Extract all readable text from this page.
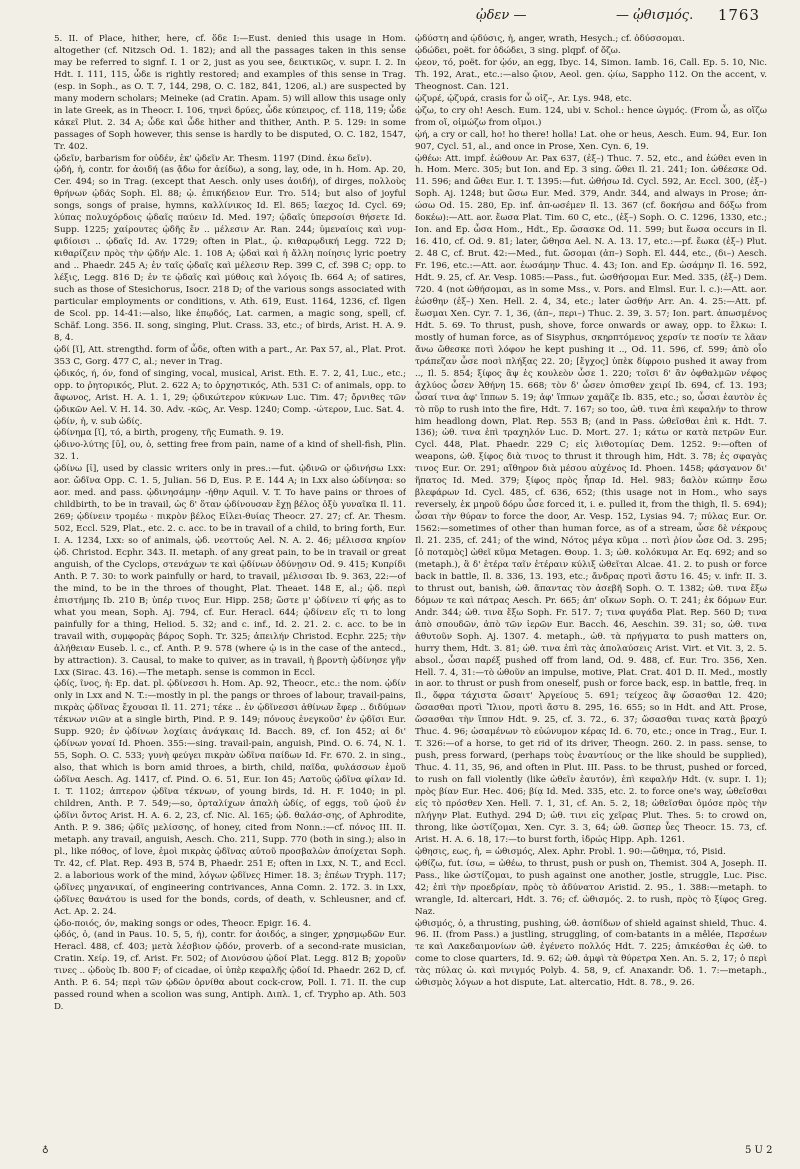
ᾠδεν —	— ᾠθισμός. 1763

5. II. of Place, hither, here, cf. ὅδε I:—Eust. denied this usage in Hom. altogether (cf. Nitzsch Od. 1. 182); and all the passages taken in this sense may be referred to signf. I. 1 or 2, just as you see, δεικτικῶς, v. supr. I. 2. In Hdt. I. 111, 115, ὧδε is rightly restored; and examples of this sense in Trag. (esp. in Soph., as O. T. 7, 144, 298, O. C. 182, 841, 1206, al.) are suspected by many modern scholars; Meineke (ad Cratin. Apam. 5) will allow this usage only in late Greek, as in Theocr. I. 106, τηνεὶ δρύες, ὧδε κύπειρος, cf. 118, 119; ὧδε κἀκεῖ Plut. 2. 34 A; ὧδε καὶ ὧδε hither and thither, Anth. P. 5. 129: in some passages of Soph however, this sense is hardly to be disputed, O. C. 182, 1547, Tr. 402.

ᾠδεῖν, barbarism for οὐδέν, ἐκ' ᾠδεῖν Ar. Thesm. 1197 (Dind. ἐκω δεῖν).

ᾠδή, ἡ, contr. for ἀοιδή (as ᾄδω for ἀείδω), a song, lay, ode, in h. Hom. Ap. 20, Cer. 494; so in Trag. (except that Aesch. only uses ἀοιδή), of dirges, πολλοὺς θρήνων ᾠδάς Soph. El. 88; ᾠ. ἐπικήδειον Eur. Tro. 514; but also of joyful songs, songs of praise, hymns, καλλίνικος Id. El. 865; ἴαεχος Id. Cycl. 69; λύπας πολυχόρδοις ᾠδαῖς παύειν Id. Med. 197; ᾠδαῖς ὑπερσοίσι θήσετε Id. Supp. 1225; χαίρουτες ᾠδῆς ἔν .. μέλεσιν Ar. Ran. 244; ὑμεναίοις καὶ νυμ-φιδίοισι .. ᾠδαῖς Id. Av. 1729; often in Plat., ᾠ. κιθαρῳδική Legg. 722 D; κιθαρίζειν πρὸς τὴν ᾠδήν Alc. 1. 108 A; ᾠδαὶ καὶ ἡ ἄλλη ποίησις lyric poetry and .. Phaedr. 245 A; ἐν ταῖς ᾠδαῖς καὶ μέλεσιν Rep. 399 C, cf. 398 C; opp. to λέξις, Legg. 816 D; ἐν τε ᾠδαῖς καὶ μύθοις καὶ λόγοις Ib. 664 A; of satires, such as those of Stesichorus, Isocr. 218 D; of the various songs associated with particular employments or conditions, v. Ath. 619, Eust. 1164, 1236, cf. Ilgen de Scol. pp. 14-41:—also, like ἐπῳδός, Lat. carmen, a magic song, spell, cf. Schäf. Long. 356. II. song, singing, Plut. Crass. 33, etc.; of birds, Arist. H. A. 9. 8, 4.

ᾠδί [ῐ], Att. strengthd. form of ὧδε, often with a part., Ar. Pax 57, al., Plat. Prot. 353 C, Gorg. 477 C, al.; never in Trag.

ᾠδικός, ή, όν, fond of singing, vocal, musical, Arist. Eth. E. 7. 2, 41, Luc., etc.; opp. to ῥητορικός, Plut. 2. 622 A; to ὀρχηστικός, Ath. 531 C: of animals, opp. to ἄφωνος, Arist. H. A. 1. 1, 29; ᾠδικώτερον κύκνων Luc. Tim. 47; ὄρνιθες τῶν ᾠδικῶν Ael. V. H. 14. 30. Adv. -κῶς, Ar. Vesp. 1240; Comp. -ώτερον, Luc. Sat. 4.

ᾠδίν, ἡ, v. sub ὠδίς.

ᾠδίνημα [ῐ], τό, a birth, progeny, τῆς Eumath. 9. 19.

ᾠδινο-λύτης [ῡ], ου, ὁ, setting free from pain, name of a kind of shell-fish, Plin. 32. 1.

ᾠδίνω [ῑ], used by classic writers only in pres.:—fut. ᾠδινῶ or ᾠδινήσω Lxx: aor. ὤδῖνα Opp. C. 1. 5, Julian. 56 D, Eus. P. E. 144 A; in Lxx also ὠδίνησα: so aor. med. and pass. ᾠδινησάμην -ήθην Aquil. V. T. To have pains or throes of childbirth, to be in travail, ὡς δ' ὅταν ᾠδίνουσαν ἔχῃ βέλος ὀξὺ γυναῖκα Il. 11. 269; ᾠδίνειν τρομέω · πικρὸν βέλος Εἰλει-θυίας Theocr. 27. 27; cf. Ar. Thesm. 502, Eccl. 529, Plat., etc. 2. c. acc. to be in travail of a child, to bring forth, Eur. I. A. 1234, Lxx: so of animals, ᾠδ. νεοττούς Ael. N. A. 2. 46; μέλισσα κηρίον ᾠδ. Christod. Ecphr. 343. II. metaph. of any great pain, to be in travail or great anguish, of the Cyclops, στενάχων τε καὶ ᾠδίνων ὀδύνῃσιν Od. 9. 415; Κυπρίδι Anth. P. 7. 30: to work painfully or hard, to travail, μέλισσαι Ib. 9. 363, 22:—of the mind, to be in the throes of thought, Plat. Theaet. 148 E, al.; ᾠδ. περὶ ἐπιστήμης Ib. 210 B; ὑπέρ τινος Eur. Hipp. 258; ὥστε μ' ᾠδίνειν τί φής as to what you mean, Soph. Aj. 794, cf. Eur. Heracl. 644; ᾠδίνειν εἴς τι to long painfully for a thing, Heliod. 5. 32; and c. inf., Id. 2. 21. 2. c. acc. to be in travail with, συμφορὰς βάρος Soph. Tr. 325; ἀπειλήν Christod. Ecphr. 225; τὴν ἀλήθειαν Euseb. l. c., cf. Anth. P. 9. 578 (where ᾠ is in the case of the antecd., by attraction). 3. Causal, to make to quiver, as in travail, ἡ βροντὴ ᾠδίνησε γῆν Lxx (Sirac. 43. 16).—The metaph. sense is common in Eccl.

ᾠδίς, ῖνος, ἡ: Ep. dat. pl. ᾠδίνεσσι h. Hom. Ap. 92, Theocr., etc.: the nom. ᾠδίν only in Lxx and N. T.:—mostly in pl. the pangs or throes of labour, travail-pains, πικρὰς ᾠδῖνας ἔχουσαι Il. 11. 271; τέκε .. ἐν ᾠδῖνεσσι ἀθίνων ἔφερ .. διδύμων τέκνων νιῶν at a single birth, Pind. P. 9. 149; πόνους ἐνεγκοῦσ' ἐν ᾠδῖσι Eur. Supp. 920; ἐν ᾠδίνων λοχίαις ἀνάγκαις Id. Bacch. 89, cf. Ion 452; αἱ δι' ᾠδίνων γοναί Id. Phoen. 355:—sing. travail-pain, anguish, Pind. O. 6. 74, N. 1. 55, Soph. O. C. 533; γυνὴ φεύγει πικρὰν ὠδῖνα παίδων Id. Fr. 670. 2. in sing., also, that which is born amid throes, a birth, child, παῖδα, φυλάσσων ἐμοῦ ὠδῖνα Aesch. Ag. 1417, cf. Pind. O. 6. 51, Eur. Ion 45; Λατοῦς ᾠδῖνα φίλαν Id. I. T. 1102; ἀπτερον ᾠδῖνα τέκνων, of young birds, Id. H. F. 1040; in pl. children, Anth. P. 7. 549;—so, ὀρταλίχων ἀπαλὴ ὠδίς, of eggs, τοῦ ᾠοῦ ἐν ᾠδῖνι ὄντος Arist. H. A. 6. 2, 23, cf. Nic. Al. 165; ᾠδ. θαλάσ-σης, of Aphrodite, Anth. P. 9. 386; ᾠδῖς μελίσσης, of honey, cited from Nonn.:—cf. πόνος III. II. metaph. any travail, anguish, Aesch. Cho. 211, Supp. 770 (both in sing.); also in pl., like πόθος, of love, ἐμοὶ πικρὰς ᾠδῖνας αὐτοῦ προσβαλὼν ἀποίχεται Soph. Tr. 42, cf. Plat. Rep. 493 B, 574 B, Phaedr. 251 E; often in Lxx, N. T., and Eccl. 2. a laborious work of the mind, λόγων ᾠδῖνες Himer. 18. 3; ἐπέων Tryph. 117; ᾠδῖνες μηχανικαί, of engineering contrivances, Anna Comn. 2. 172. 3. in Lxx, ᾠδῖνες θανάτου is used for the bonds, cords, of death, v. Schleusner, and cf. Act. Ap. 2. 24.

ᾠδο-ποιός, όν, making songs or odes, Theocr. Epigr. 16. 4.

ᾠδός, ὁ, (and in Paus. 10. 5, 5, ή), contr. for ἀοιδός, a singer, χρησμῳδῶν Eur. Heracl. 488, cf. 403; μετὰ λέσβιον ᾠδόν, proverb. of a second-rate musician, Cratin. Χείρ. 19, cf. Arist. Fr. 502; of Διονύσου ᾠδοί Plat. Legg. 812 B; χοροῦν τινες .. ᾠδοὺς Ib. 800 F; of cicadae, οἱ ὑπὲρ κεφαλῆς ᾠδοί Id. Phaedr. 262 D, cf. Anth. P. 6. 54; περὶ τῶν ᾠδῶν ὀρνίθα about cock-crow, Poll. I. 71. II. the cup passed round when a scolion was sung, Antiph. Διπλ. 1, cf. Trypho ap. Ath. 503 D.

ᾠδύστη and ᾠδύσις, ἡ, anger, wrath, Hesych.; cf. ὀδύσσομαι.

ᾠδώδει, poët. for ὀδώδει, 3 sing. plqpf. of ὄζω.

ᾠεον, τό, poët. for ᾠόν, an egg, Ibyc. 14, Simon. Iamb. 16, Call. Ep. 5. 10, Nic. Th. 192, Arat., etc.:—also ᾤιον, Aeol. gen. ᾠίω, Sappho 112. On the accent, v. Theognost. Can. 121.

ᾠζυρέ, ᾠζυρά, crasis for ὦ οἰζ–, Ar. Lys. 948, etc.

ᾠζω, to cry oh! Aesch. Eum. 124, ubi v. Schol.: hence ὠγμός. (From ὦ, as οἴζω from οἴ, οἰμώζω from οἴμοι.)

ᾠή, a cry or call, ho! ho there! holla! Lat. ohe or heus, Aesch. Eum. 94, Eur. Ion 907, Cycl. 51, al., and once in Prose, Xen. Cyn. 6, 19.

ᾠθέω: Att. impf. ἐώθουν Ar. Pax 637, (ἐξ–) Thuc. 7. 52, etc., and ἐώθει even in h. Hom. Merc. 305; but Ion. and Ep. 3 sing. ὤθει Il. 21. 241; Ion. ὠθέεσκε Od. 11. 596; and ὤθει Eur. I. T. 1395:—fut. ὠθήσω Id. Cycl. 592, Ar. Eccl. 300, (ἐξ–) Soph. Aj. 1248; but ὤσω Eur. Med. 379, Andr. 344, and always in Prose; ἀπ-ώσω Od. 15. 280, Ep. inf. ἀπ-ωσέμεν Il. 13. 367 (cf. δοκήσω and δόξω from δοκέω):—Att. aor. ἔωσα Plat. Tim. 60 C, etc., (ἐξ–) Soph. O. C. 1296, 1330, etc.; Ion. and Ep. ὦσα Hom., Hdt., Ep. ὤσασκε Od. 11. 599; but ἔωσα occurs in Il. 16. 410, cf. Od. 9. 81; later, ὤθησα Ael. N. A. 13. 17, etc.:—pf. ἔωκα (ἐξ–) Plut. 2. 48 C, cf. Brut. 42:—Med., fut. ὤσομαι (ἀπ–) Soph. El. 444, etc., (δι–) Aesch. Fr. 196, etc.:—Att. aor. ἐωσάμην Thuc. 4. 43; Ion. and Ep. ὠσάμην Il. 16. 592, Hdt. 9. 25, cf. Ar. Vesp. 1085:—Pass., fut. ὠσθήσομαι Eur. Med. 335, (ἐξ–) Dem. 720. 4 (not ὠθήσομαι, as in some Mss., v. Pors. and Elmsl. Eur. l. c.):—Att. aor. ἐώσθην (ἐξ–) Xen. Hell. 2. 4, 34, etc.; later ὠσθήν Arr. An. 4. 25:—Att. pf. ἔωσμαι Xen. Cyr. 7. 1, 36, (ἀπ–, περι–) Thuc. 2. 39, 3. 57; Ion. part. ἀπωσμένος Hdt. 5. 69. To thrust, push, shove, force onwards or away, opp. to ἕλκω: I. mostly of human force, as of Sisyphus, σκηρπτόμενος χερσίν τε ποσίν τε λᾶαν ἄνω ὤθεσκε ποτὶ λόφον he kept pushing it .., Od. 11. 596, cf. 599; ἀπὸ οἷο τράπεζαν ὦσε ποσὶ πλήξας 22. 20; [ἔγχος] ὑπὲκ δίφροιο pushed it away from .., Il. 5. 854; ξίφος ἂψ ἐς κουλεὸν ὦσε 1. 220; τοῖσι δ' ἂν ὀφθαλμῶν νέφος ἀχλύος ὦσεν Ἀθήνη 15. 668; τὸν δ' ὦσεν ὀπισθεν χειρί Ib. 694, cf. 13. 193; ὦσαί τινα ἀφ' ἵππων 5. 19; ἀφ' ἵππων χαμᾶζε Ib. 835, etc.; so, ὦσαι ἑαυτὸν ἐς τὸ πῦρ to rush into the fire, Hdt. 7. 167; so too, ὠθ. τινα ἐπὶ κεφαλήν to throw him headlong down, Plat. Rep. 553 B; (and in Pass. ὠθεῖσθαι ἐπὶ κ. Hdt. 7. 136); ὠθ. τινα ἐπὶ τραχηλόν Luc. D. Mort. 27. 1; κάτω or κατὰ πετρῶν Eur. Cycl. 448, Plat. Phaedr. 229 C; εἰς λιθοτομίας Dem. 1252. 9:—often of weapons, ὠθ. ξίφος διὰ τινος to thrust it through him, Hdt. 3. 78; ἐς σφαγὰς τινος Eur. Or. 291; αἴθηρον διὰ μέσου αὐχένος Id. Phoen. 1458; φάσγανον δι' ἥπατος Id. Med. 379; ξίφος πρὸς ἧπαρ Id. Hel. 983; δαλὸν κώπην ἔσω βλεφάρων Id. Cycl. 485, cf. 636, 652; (this usage not in Hom., who says reversely, ἐκ μηροῦ δόρυ ὦσε forced it, i. e. pulled it, from the thigh, Il. 5. 694); ὦσαι τὴν θύραν to force the door, Ar. Vesp. 152, Lysias 94. 7; πύλας Eur. Or. 1562:—sometimes of other than human force, as of a stream, ὦσε δὲ νέκρους Il. 21. 235, cf. 241; of the wind, Νότος μέγα κῦμα .. ποτὶ ῥίον ὦσε Od. 3. 295; [ὁ ποταμὸς] ὠθεῖ κῦμα Metagen. Θουρ. 1. 3; ὠθ. κολόκυμα Ar. Eq. 692; and so (metaph.), ἃ δ' ἑτέρα ταῖν ἑτέραιν κύλιξ ὠθεῖται Alcae. 41. 2. to push or force back in battle, Il. 8. 336, 13. 193, etc.; ἄνδρας προτὶ ἄστυ 16. 45; v. infr. II. 3. to thrust out, banish, ὠθ. ἅπαντας τὸν ἀσεβῆ Soph. O. T. 1382; ὠθ. τινα ἔξω δόμων τε καὶ πάτρας Aesch. Pr. 665; ἀπ' οἴκων Soph. O. T. 241; ἐκ δόμων Eur. Andr. 344; ὠθ. τινα ἔξω Soph. Fr. 517. 7; τινα φυγάδα Plat. Rep. 560 D; τινα ἀπὸ σπουδῶν, ἀπὸ τῶν ἱερῶν Eur. Bacch. 46, Aeschin. 39. 31; so, ὠθ. τινα ἀθυτοῦν Soph. Aj. 1307. 4. metaph., ὠθ. τὰ πρήγματα to push matters on, hurry them, Hdt. 3. 81; ὠθ. τινα ἐπὶ τὰς ἀπολαύσεις Arist. Virt. et Vit. 3, 2. 5. absol., ὦσαι παρέξ pushed off from land, Od. 9. 488, cf. Eur. Tro. 356, Xen. Hell. 7. 4, 31:—τὸ ὠθοῦν an impulse, motive, Plat. Crat. 401 D. II. Med., mostly in aor. to thrust or push from oneself, push or force back, esp. in battle, freq. in Il., ὄφρα τάχιστα ὤσαιτ' Ἀργείους 5. 691; τείχεος ἂψ ὤσασθαι 12. 420; ὤσασθαι προτὶ Ἴλιον, προτὶ ἄστυ 8. 295, 16. 655; so in Hdt. and Att. Prose, ὤσασθαι τὴν ἵππον Hdt. 9. 25, cf. 3. 72., 6. 37; ὤσασθαι τινας κατὰ βραχύ Thuc. 4. 96; ὠσαμένων τὸ εὐώνυμον κέρας Id. 6. 70, etc.; once in Trag., Eur. I. T. 326:—of a horse, to get rid of its driver, Theogn. 260. 2. in pass. sense, to push, press forward, (perhaps τοὺς ἐναντίους or the like should be supplied), Thuc. 4. 11, 35, 96, and often in Plut. III. Pass. to be thrust, pushed or forced, to rush on fall violently (like ὠθεῖν ἑαυτόν), ἐπὶ κεφαλήν Hdt. (v. supr. I. 1); πρὸς βίαν Eur. Hec. 406; βίᾳ Id. Med. 335, etc. 2. to force one's way, ὠθεῖσθαι εἰς τὸ πρόσθεν Xen. Hell. 7. 1, 31, cf. An. 5. 2, 18; ὠθεῖσθαι ὁμόσε πρὸς τὴν πλήγην Plat. Euthyd. 294 D; ὠθ. τινι εἰς χεῖρας Plut. Thes. 5: to crowd on, throng, like ὠστίζομαι, Xen. Cyr. 3. 3, 64; ὠθ. ὥσπερ ὗες Theocr. 15. 73, cf. Arist. H. A. 6. 18, 17:—to burst forth, ἱδρώς Hipp. Aph. 1261.

ᾠθησις, εως, ἡ, = ὠθισμός, Alex. Aphr. Probl. 1. 90:—ὤθημα, τό, Pisid.

ᾠθίζω, fut. ίσω, = ὠθέω, to thrust, push or push on, Themist. 304 A, Joseph. II. Pass., like ὠστίζομαι, to push against one another, jostle, struggle, Luc. Pisc. 42; ἐπὶ τὴν προεδρίαν, πρὸς τὸ ἀδύνατον Aristid. 2. 95., 1. 388:—metaph. to wrangle, Id. altercari, Hdt. 3. 76; cf. ὠθισμός. 2. to rush, πρὸς τὸ ξίφος Greg. Naz.

ᾠθισμός, ὁ, a thrusting, pushing, ὠθ. ἀσπίδων of shield against shield, Thuc. 4. 96. II. (from Pass.) a justling, struggling, of com-batants in a mêlée, Περσέων τε καὶ Λακεδαιμονίων ὠθ. ἐγένετο πολλός Hdt. 7. 225; ἀπικέσθαι ἐς ὠθ. to come to close quarters, Id. 9. 62; ὠθ. ἀμφὶ τὰ θύρετρα Xen. An. 5. 2, 17; ὁ περὶ τὰς πύλας ὠ. καὶ πνιγμός Polyb. 4. 58, 9, cf. Anaxandr. Ὀδ. 1. 7:—metaph., ὠθισμὸς λόγων a hot dispute, Lat. altercatio, Hdt. 8. 78., 9. 26.

♁	5 U 2
